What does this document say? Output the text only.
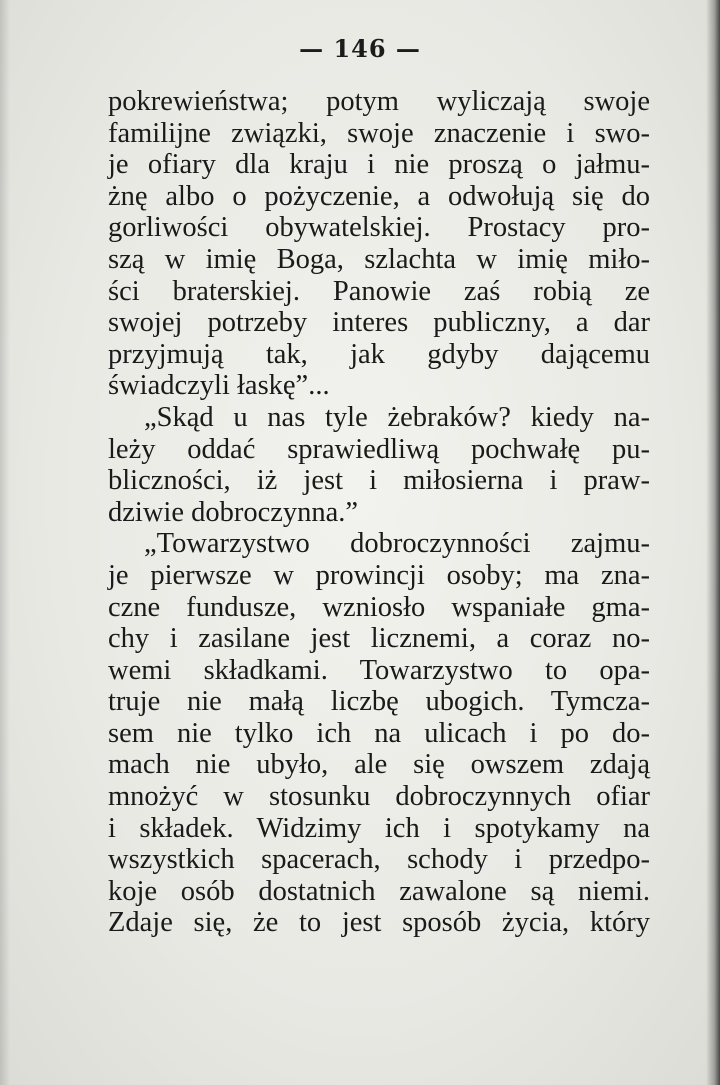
— 146 —
pokrewieństwa; potym wyliczają swoje
familijne związki, swoje znaczenie i swo-
je ofiary dla kraju i nie proszą o jałmu-
żnę albo o pożyczenie, a odwołują się do
gorliwości obywatelskiej. Prostacy pro-
szą w imię Boga, szlachta w imię miło-
ści braterskiej. Panowie zaś robią ze
swojej potrzeby interes publiczny, a dar
przyjmują tak, jak gdyby dającemu
świadczyli łaskę”...
„Skąd u nas tyle żebraków? kiedy na-
leży oddać sprawiedliwą pochwałę pu-
bliczności, iż jest i miłosierna i praw-
dziwie dobroczynna.”
„Towarzystwo dobroczynności zajmu-
je pierwsze w prowincji osoby; ma zna-
czne fundusze, wzniosło wspaniałe gma-
chy i zasilane jest licznemi, a coraz no-
wemi składkami. Towarzystwo to opa-
truje nie małą liczbę ubogich. Tymcza-
sem nie tylko ich na ulicach i po do-
mach nie ubyło, ale się owszem zdają
mnożyć w stosunku dobroczynnych ofiar
i składek. Widzimy ich i spotykamy na
wszystkich spacerach, schody i przedpo-
koje osób dostatnich zawalone są niemi.
Zdaje się, że to jest sposób życia, który
